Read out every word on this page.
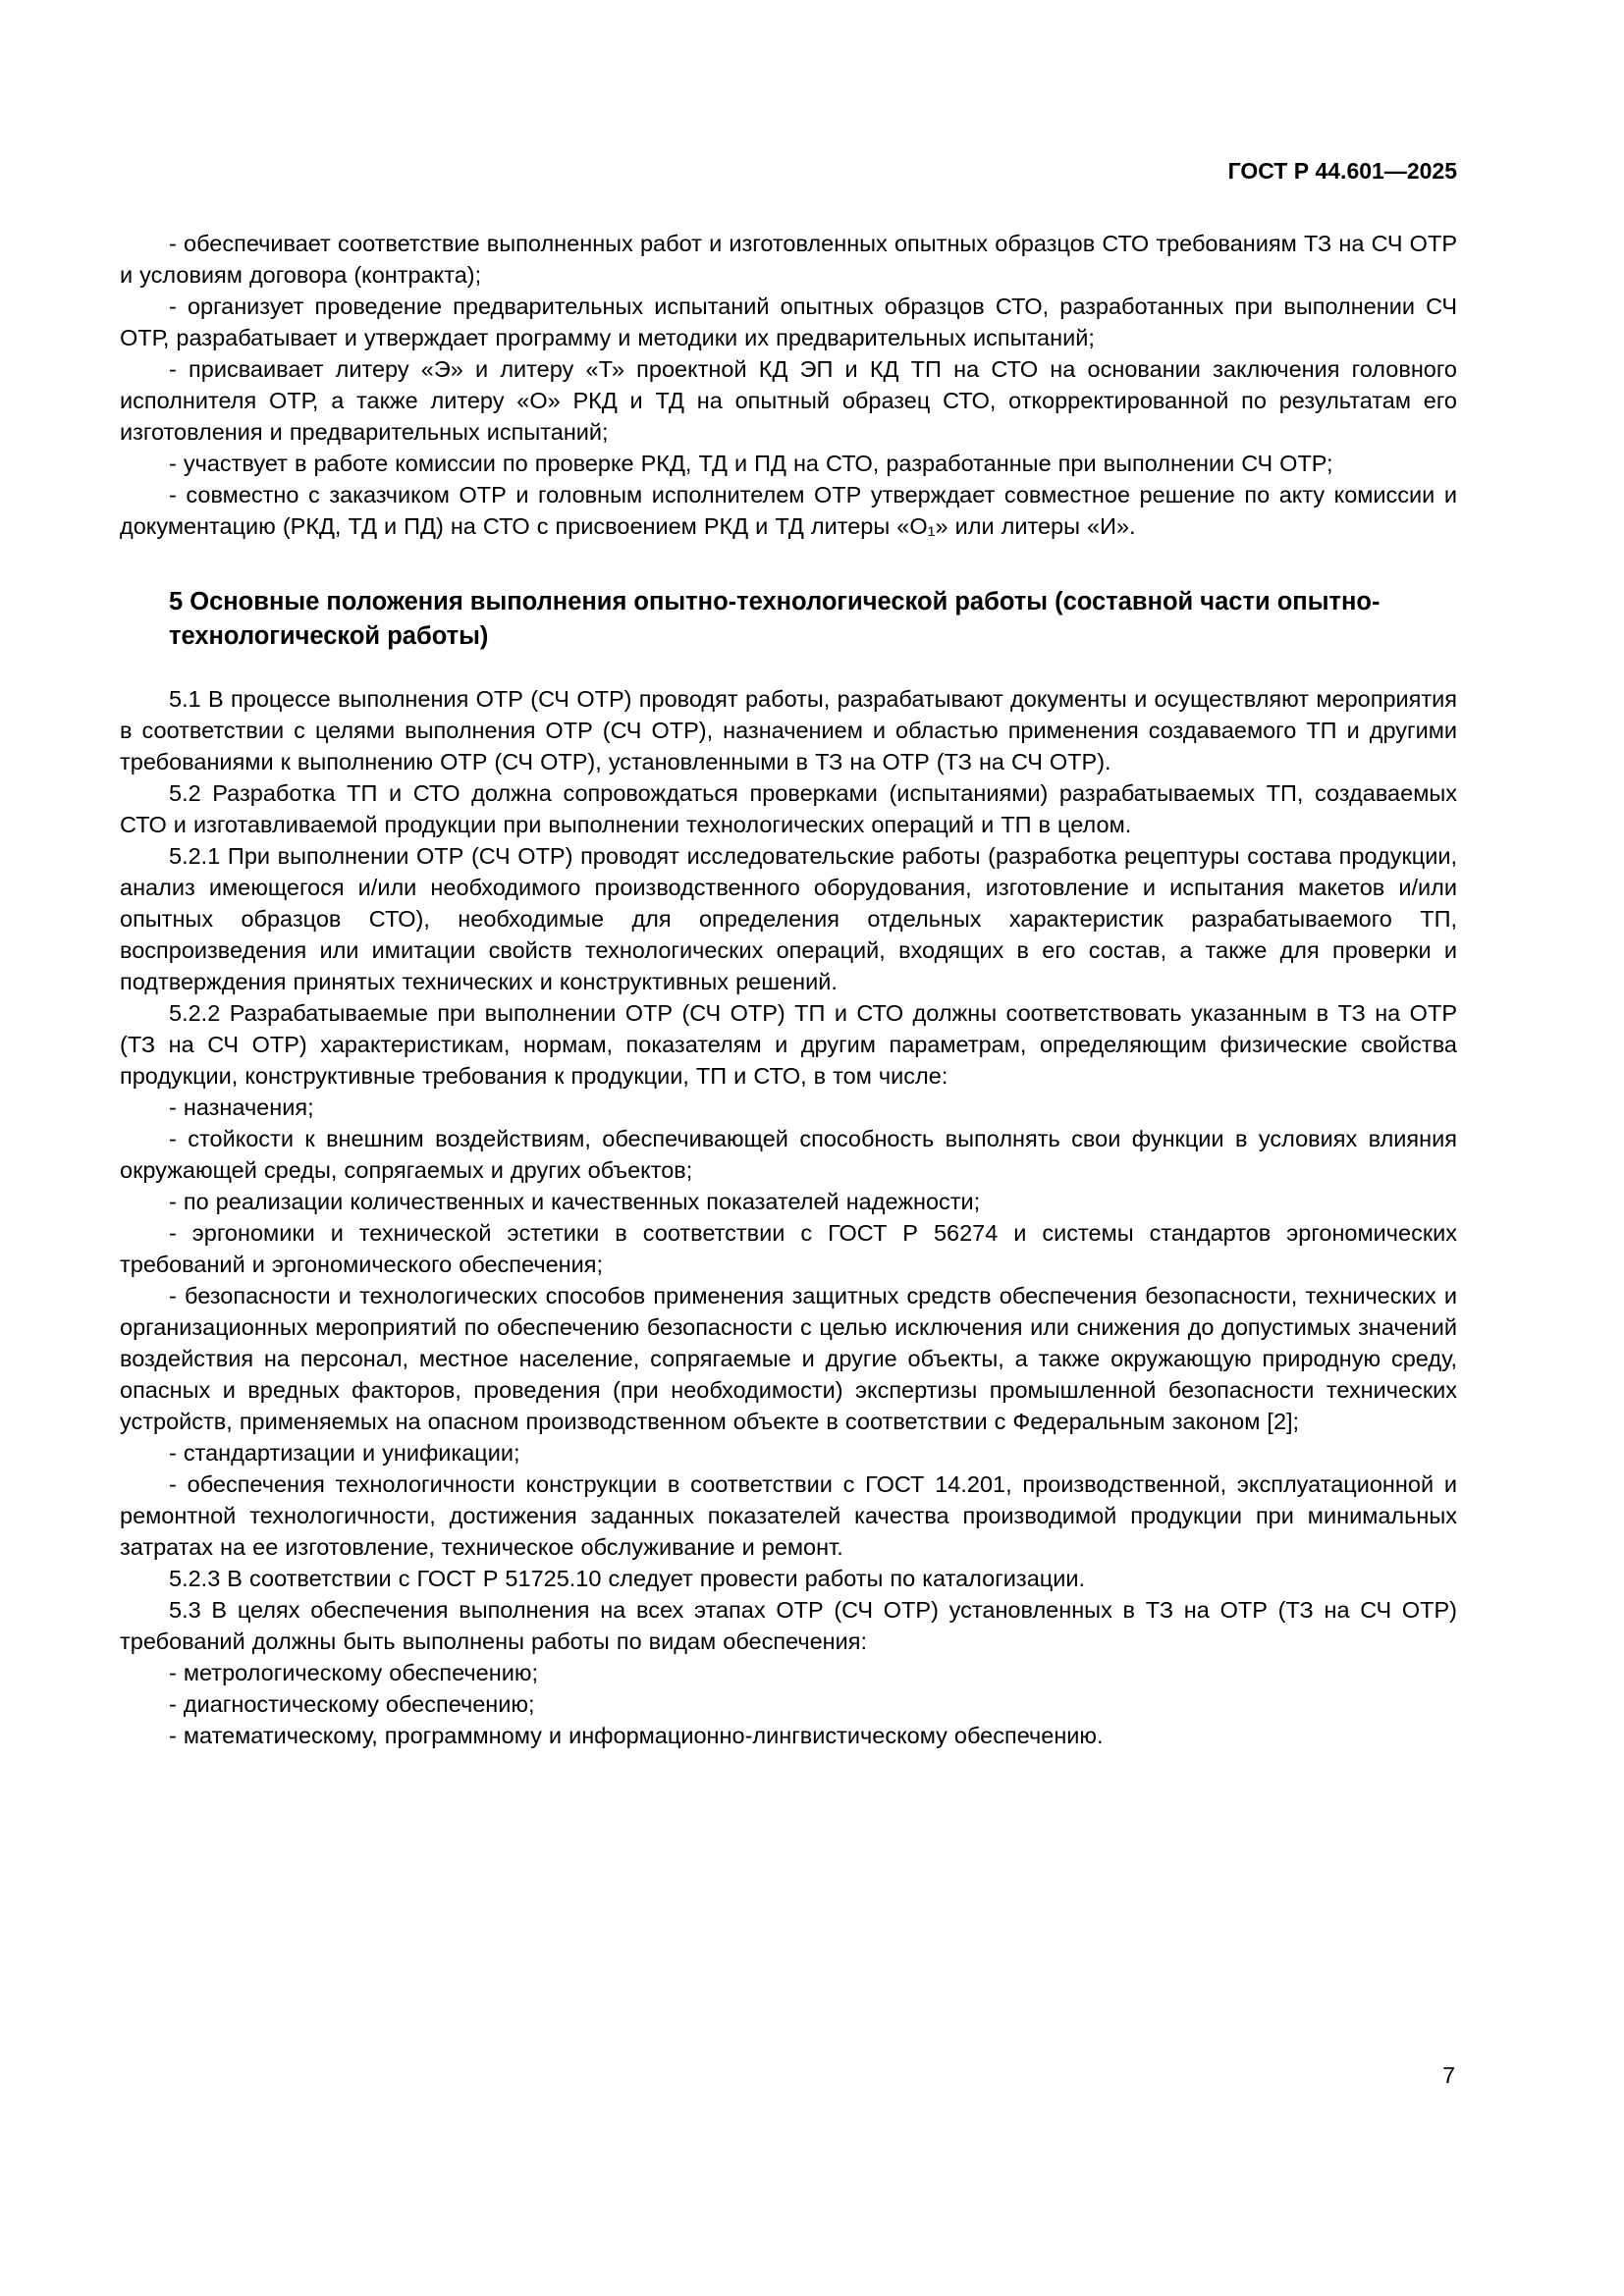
ГОСТ Р 44.601—2025

- обеспечивает соответствие выполненных работ и изготовленных опытных образцов СТО требованиям ТЗ на СЧ ОТР и условиям договора (контракта);

- организует проведение предварительных испытаний опытных образцов СТО, разработанных при выполнении СЧ ОТР, разрабатывает и утверждает программу и методики их предварительных испытаний;

- присваивает литеру «Э» и литеру «Т» проектной КД ЭП и КД ТП на СТО на основании заключения головного исполнителя ОТР, а также литеру «О» РКД и ТД на опытный образец СТО, откорректированной по результатам его изготовления и предварительных испытаний;

- участвует в работе комиссии по проверке РКД, ТД и ПД на СТО, разработанные при выполнении СЧ ОТР;

- совместно с заказчиком ОТР и головным исполнителем ОТР утверждает совместное решение по акту комиссии и документацию (РКД, ТД и ПД) на СТО с присвоением РКД и ТД литеры «О₁» или литеры «И».

5 Основные положения выполнения опытно-технологической работы (составной части опытно-технологической работы)

5.1 В процессе выполнения ОТР (СЧ ОТР) проводят работы, разрабатывают документы и осуществляют мероприятия в соответствии с целями выполнения ОТР (СЧ ОТР), назначением и областью применения создаваемого ТП и другими требованиями к выполнению ОТР (СЧ ОТР), установленными в ТЗ на ОТР (ТЗ на СЧ ОТР).

5.2 Разработка ТП и СТО должна сопровождаться проверками (испытаниями) разрабатываемых ТП, создаваемых СТО и изготавливаемой продукции при выполнении технологических операций и ТП в целом.

5.2.1 При выполнении ОТР (СЧ ОТР) проводят исследовательские работы (разработка рецептуры состава продукции, анализ имеющегося и/или необходимого производственного оборудования, изготовление и испытания макетов и/или опытных образцов СТО), необходимые для определения отдельных характеристик разрабатываемого ТП, воспроизведения или имитации свойств технологических операций, входящих в его состав, а также для проверки и подтверждения принятых технических и конструктивных решений.

5.2.2 Разрабатываемые при выполнении ОТР (СЧ ОТР) ТП и СТО должны соответствовать указанным в ТЗ на ОТР (ТЗ на СЧ ОТР) характеристикам, нормам, показателям и другим параметрам, определяющим физические свойства продукции, конструктивные требования к продукции, ТП и СТО, в том числе:

- назначения;

- стойкости к внешним воздействиям, обеспечивающей способность выполнять свои функции в условиях влияния окружающей среды, сопрягаемых и других объектов;

- по реализации количественных и качественных показателей надежности;

- эргономики и технической эстетики в соответствии с ГОСТ Р 56274 и системы стандартов эргономических требований и эргономического обеспечения;

- безопасности и технологических способов применения защитных средств обеспечения безопасности, технических и организационных мероприятий по обеспечению безопасности с целью исключения или снижения до допустимых значений воздействия на персонал, местное население, сопрягаемые и другие объекты, а также окружающую природную среду, опасных и вредных факторов, проведения (при необходимости) экспертизы промышленной безопасности технических устройств, применяемых на опасном производственном объекте в соответствии с Федеральным законом [2];

- стандартизации и унификации;

- обеспечения технологичности конструкции в соответствии с ГОСТ 14.201, производственной, эксплуатационной и ремонтной технологичности, достижения заданных показателей качества производимой продукции при минимальных затратах на ее изготовление, техническое обслуживание и ремонт.

5.2.3 В соответствии с ГОСТ Р 51725.10 следует провести работы по каталогизации.

5.3 В целях обеспечения выполнения на всех этапах ОТР (СЧ ОТР) установленных в ТЗ на ОТР (ТЗ на СЧ ОТР) требований должны быть выполнены работы по видам обеспечения:

- метрологическому обеспечению;

- диагностическому обеспечению;

- математическому, программному и информационно-лингвистическому обеспечению.

7
